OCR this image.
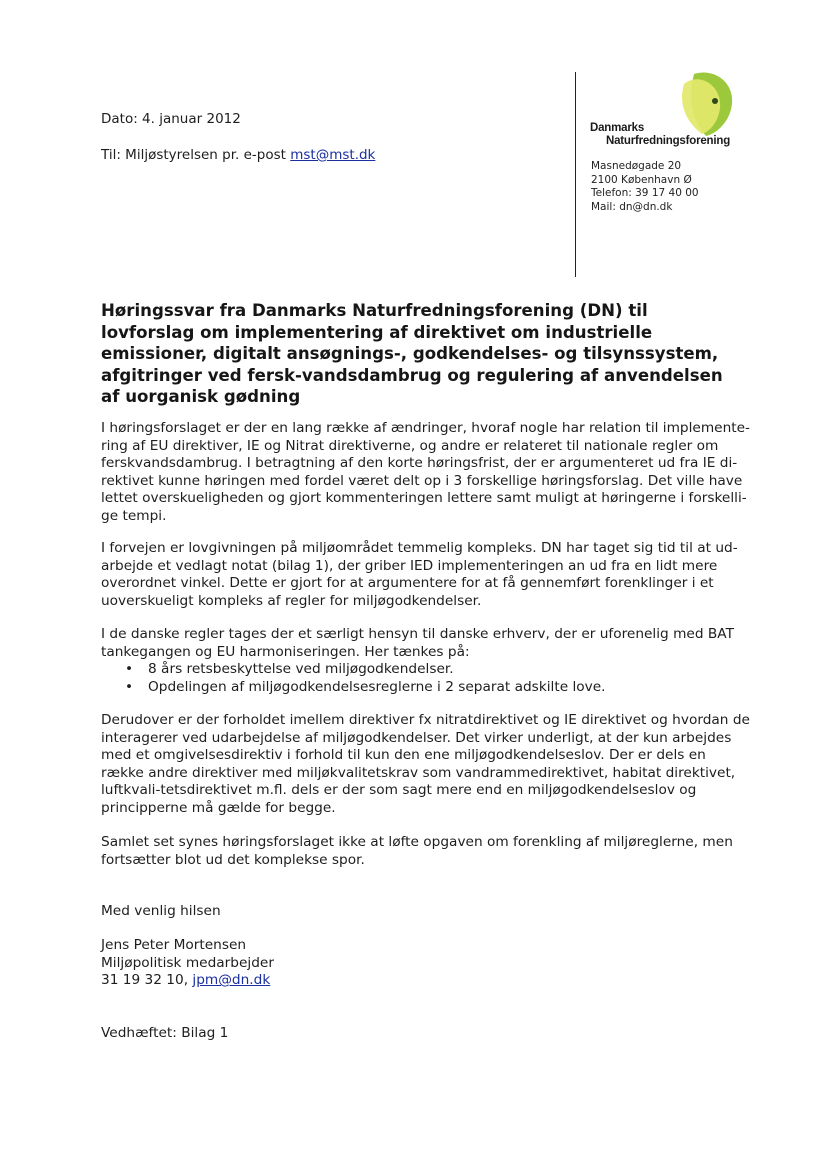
Dato: 4. januar 2012
Til: Miljøstyrelsen pr. e-post mst@mst.dk
Danmarks
Naturfredningsforening
Masnedøgade 20
2100 København Ø
Telefon: 39 17 40 00
Mail: dn@dn.dk
Høringssvar fra Danmarks Naturfredningsforening (DN) til lovforslag om implementering af direktivet om industrielle emissioner, digitalt ansøgnings-, godkendelses- og tilsynssystem, afgitringer ved fersk-vandsdambrug og regulering af anvendelsen af uorganisk gødning
I høringsforslaget er der en lang række af ændringer, hvoraf nogle har relation til implemente-ring af EU direktiver, IE og Nitrat direktiverne, og andre er relateret til nationale regler om ferskvandsdambrug. I betragtning af den korte høringsfrist, der er argumenteret ud fra IE di-rektivet kunne høringen med fordel været delt op i 3 forskellige høringsforslag. Det ville have lettet overskueligheden og gjort kommenteringen lettere samt muligt at høringerne i forskelli-ge tempi.
I forvejen er lovgivningen på miljøområdet temmelig kompleks. DN har taget sig tid til at ud-arbejde et vedlagt notat (bilag 1), der griber IED implementeringen an ud fra en lidt mere overordnet vinkel. Dette er gjort for at argumentere for at få gennemført forenklinger i et uoverskueligt kompleks af regler for miljøgodkendelser.

I de danske regler tages der et særligt hensyn til danske erhverv, der er uforenelig med BAT tankegangen og EU harmoniseringen. Her tænkes på:

• 8 års retsbeskyttelse ved miljøgodkendelser.
• Opdelingen af miljøgodkendelsesreglerne i 2 separat adskilte love.
Derudover er der forholdet imellem direktiver fx nitratdirektivet og IE direktivet og hvordan de interagerer ved udarbejdelse af miljøgodkendelser. Det virker underligt, at der kun arbejdes med et omgivelsesdirektiv i forhold til kun den ene miljøgodkendelseslov. Der er dels en række andre direktiver med miljøkvalitetskrav som vandrammedirektivet, habitat direktivet, luftkvali-tetsdirektivet m.fl. dels er der som sagt mere end en miljøgodkendelseslov og principperne må gælde for begge.
Samlet set synes høringsforslaget ikke at løfte opgaven om forenkling af miljøreglerne, men fortsætter blot ud det komplekse spor.
Med venlig hilsen
Jens Peter Mortensen
Miljøpolitisk medarbejder
31 19 32 10, jpm@dn.dk
Vedhæftet: Bilag 1
